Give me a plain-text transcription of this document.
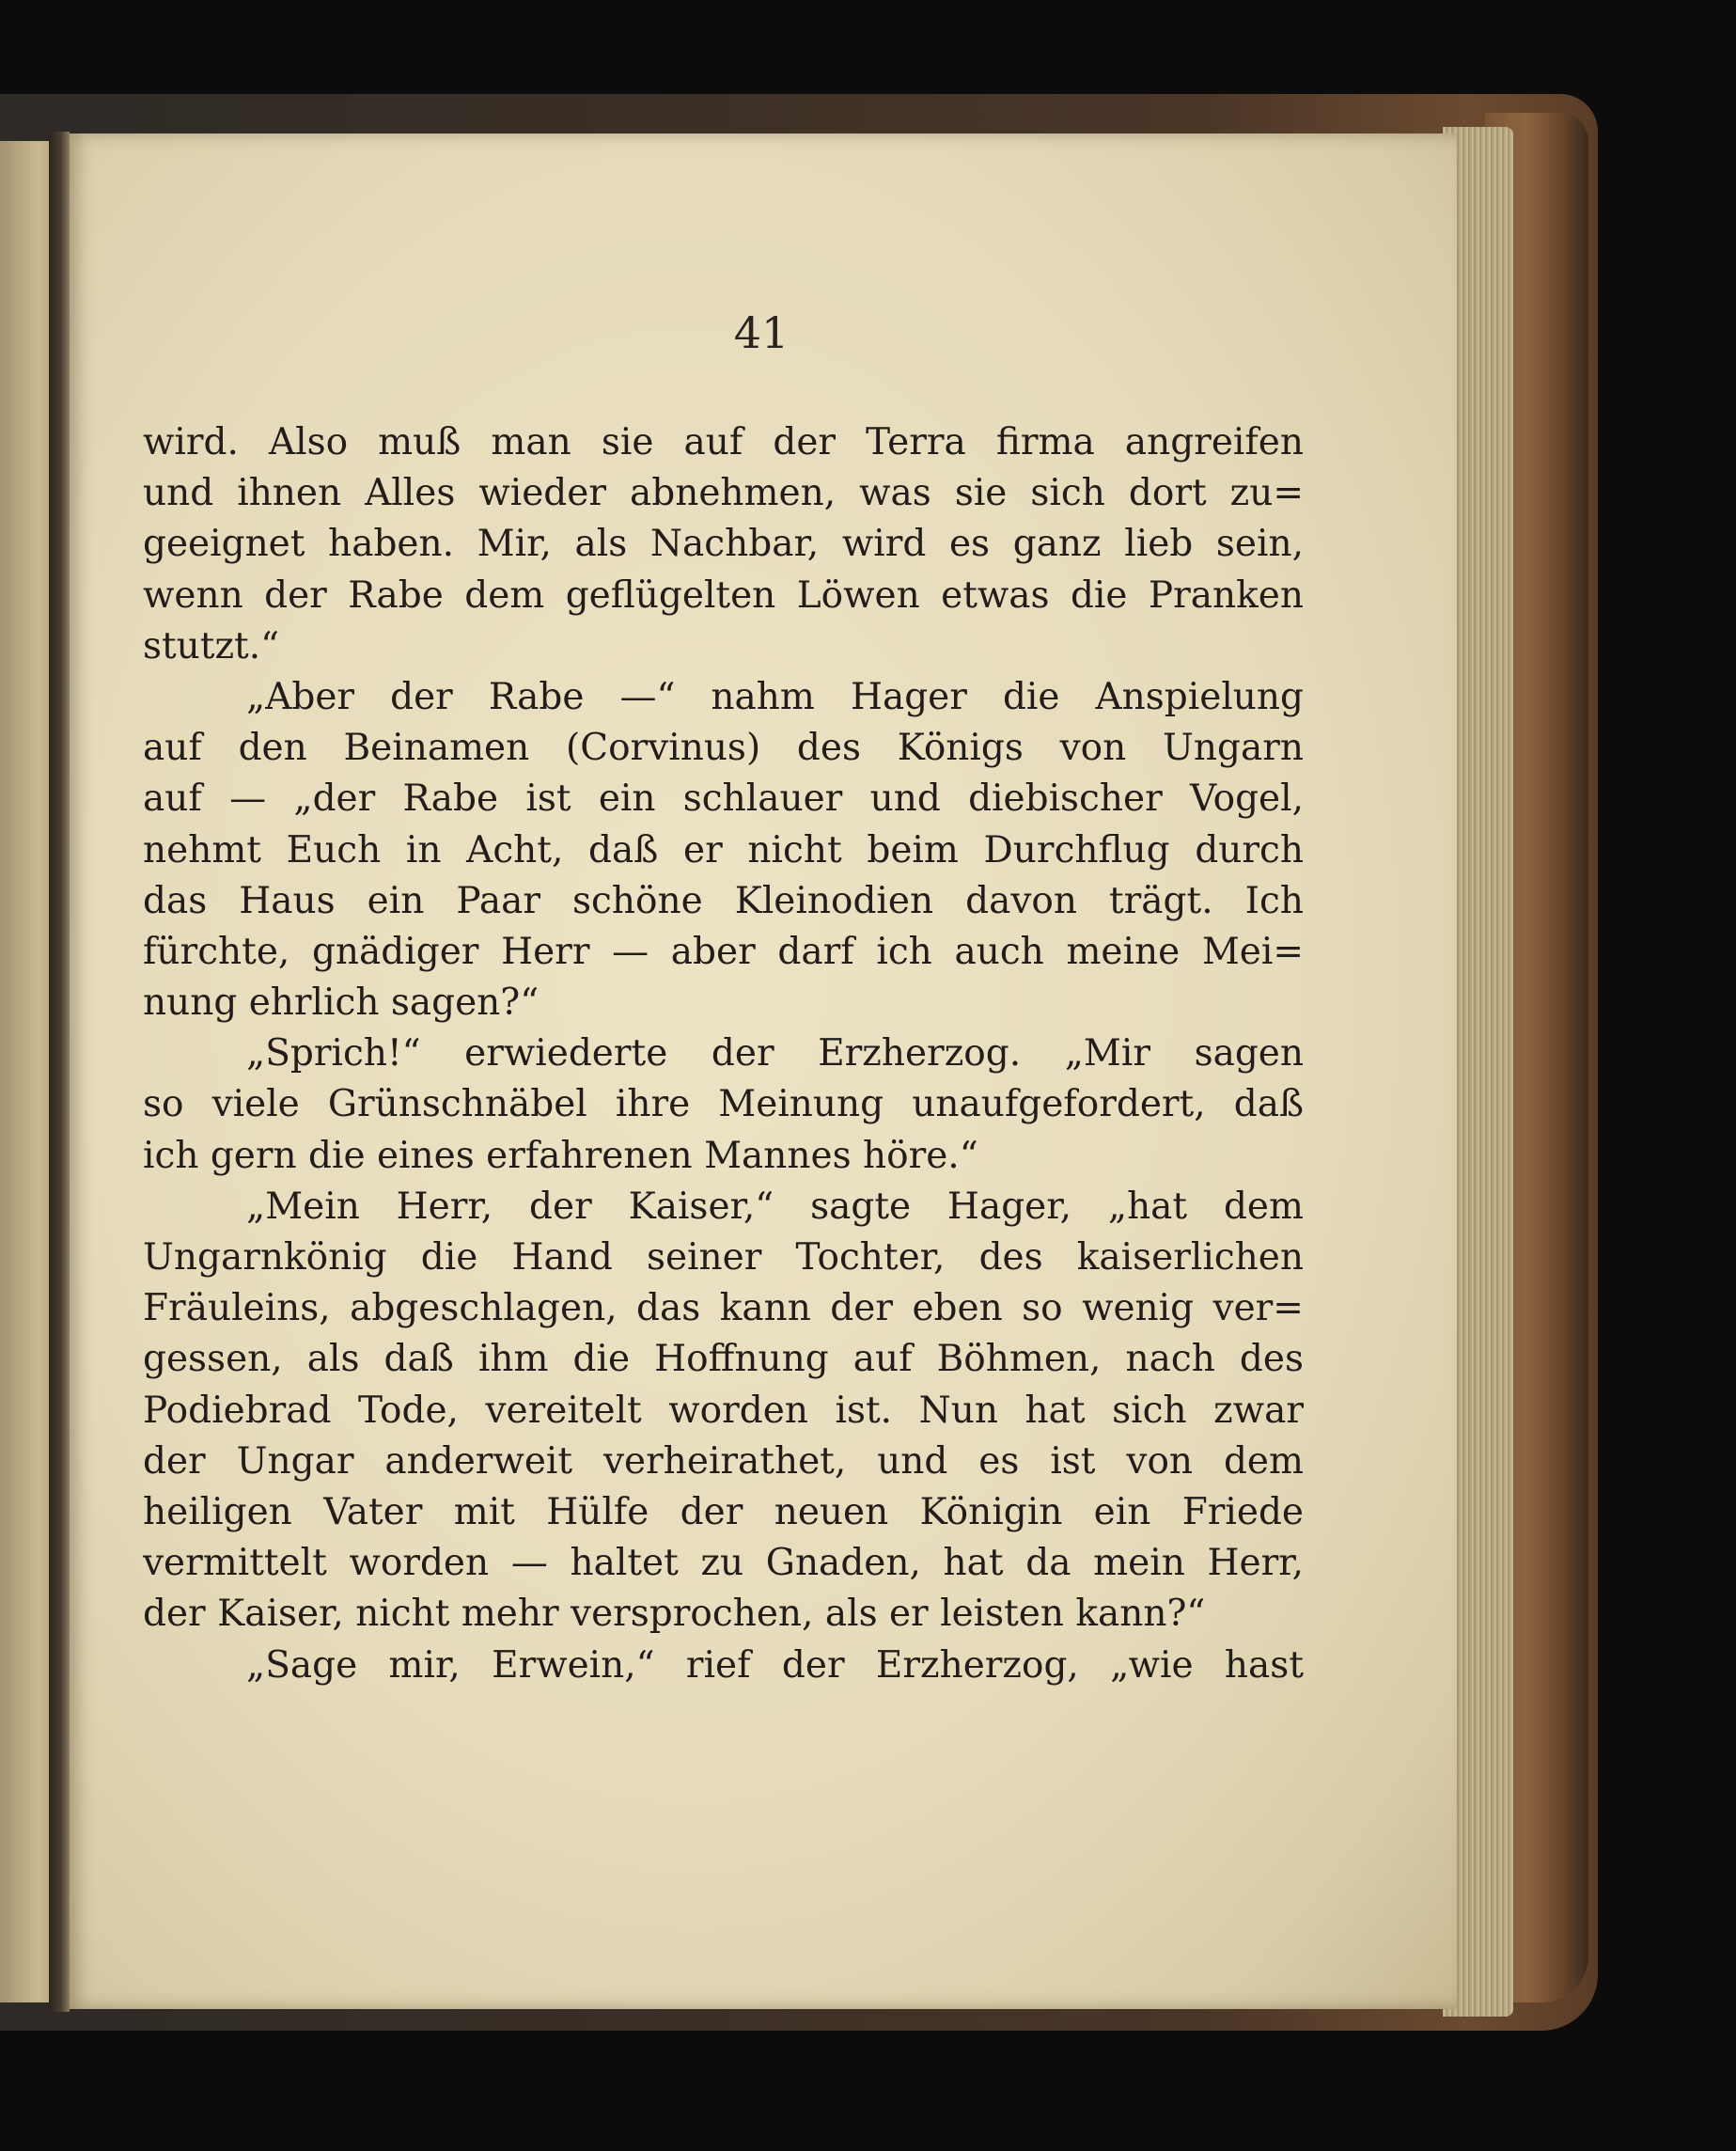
41
wird. Also muß man sie auf der Terra firma angreifen
und ihnen Alles wieder abnehmen, was sie sich dort zu=
geeignet haben. Mir, als Nachbar, wird es ganz lieb sein,
wenn der Rabe dem geflügelten Löwen etwas die Pranken
stutzt.“
„Aber der Rabe —“ nahm Hager die Anspielung
auf den Beinamen (Corvinus) des Königs von Ungarn
auf — „der Rabe ist ein schlauer und diebischer Vogel,
nehmt Euch in Acht, daß er nicht beim Durchflug durch
das Haus ein Paar schöne Kleinodien davon trägt. Ich
fürchte, gnädiger Herr — aber darf ich auch meine Mei=
nung ehrlich sagen?“
„Sprich!“ erwiederte der Erzherzog. „Mir sagen
so viele Grünschnäbel ihre Meinung unaufgefordert, daß
ich gern die eines erfahrenen Mannes höre.“
„Mein Herr, der Kaiser,“ sagte Hager, „hat dem
Ungarnkönig die Hand seiner Tochter, des kaiserlichen
Fräuleins, abgeschlagen, das kann der eben so wenig ver=
gessen, als daß ihm die Hoffnung auf Böhmen, nach des
Podiebrad Tode, vereitelt worden ist. Nun hat sich zwar
der Ungar anderweit verheirathet, und es ist von dem
heiligen Vater mit Hülfe der neuen Königin ein Friede
vermittelt worden — haltet zu Gnaden, hat da mein Herr,
der Kaiser, nicht mehr versprochen, als er leisten kann?“
„Sage mir, Erwein,“ rief der Erzherzog, „wie hast
